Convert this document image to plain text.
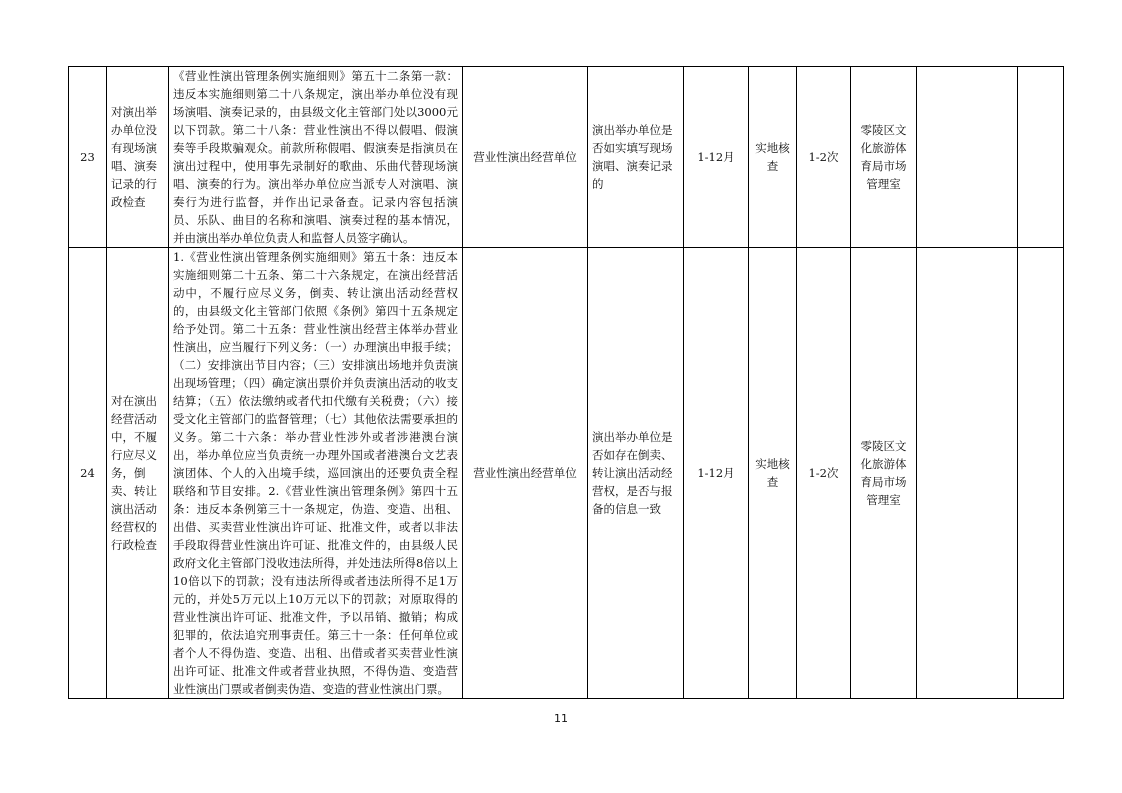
23	对演出举办单位没有现场演唱、演奏记录的行政检查	《营业性演出管理条例实施细则》第五十二条第一款：违反本实施细则第二十八条规定，演出举办单位没有现场演唱、演奏记录的，由县级文化主管部门处以3000元以下罚款。第二十八条：营业性演出不得以假唱、假演奏等手段欺骗观众。前款所称假唱、假演奏是指演员在演出过程中，使用事先录制好的歌曲、乐曲代替现场演唱、演奏的行为。演出举办单位应当派专人对演唱、演奏行为进行监督，并作出记录备查。记录内容包括演员、乐队、曲目的名称和演唱、演奏过程的基本情况，并由演出举办单位负责人和监督人员签字确认。	营业性演出经营单位	演出举办单位是否如实填写现场演唱、演奏记录的	1-12月	实地核查	1-2次	零陵区文化旅游体育局市场管理室		
24	对在演出经营活动中，不履行应尽义务，倒卖、转让演出活动经营权的行政检查	1.《营业性演出管理条例实施细则》第五十条：违反本实施细则第二十五条、第二十六条规定，在演出经营活动中，不履行应尽义务，倒卖、转让演出活动经营权的，由县级文化主管部门依照《条例》第四十五条规定给予处罚。第二十五条：营业性演出经营主体举办营业性演出，应当履行下列义务：（一）办理演出申报手续；（二）安排演出节目内容；（三）安排演出场地并负责演出现场管理；（四）确定演出票价并负责演出活动的收支结算；（五）依法缴纳或者代扣代缴有关税费；（六）接受文化主管部门的监督管理；（七）其他依法需要承担的义务。第二十六条：举办营业性涉外或者涉港澳台演出，举办单位应当负责统一办理外国或者港澳台文艺表演团体、个人的入出境手续，巡回演出的还要负责全程联络和节目安排。2.《营业性演出管理条例》第四十五条：违反本条例第三十一条规定，伪造、变造、出租、出借、买卖营业性演出许可证、批准文件，或者以非法手段取得营业性演出许可证、批准文件的，由县级人民政府文化主管部门没收违法所得，并处违法所得8倍以上10倍以下的罚款；没有违法所得或者违法所得不足1万元的，并处5万元以上10万元以下的罚款；对原取得的营业性演出许可证、批准文件，予以吊销、撤销；构成犯罪的，依法追究刑事责任。第三十一条：任何单位或者个人不得伪造、变造、出租、出借或者买卖营业性演出许可证、批准文件或者营业执照，不得伪造、变造营业性演出门票或者倒卖伪造、变造的营业性演出门票。	营业性演出经营单位	演出举办单位是否如存在倒卖、转让演出活动经营权，是否与报备的信息一致	1-12月	实地核查	1-2次	零陵区文化旅游体育局市场管理室		
11
